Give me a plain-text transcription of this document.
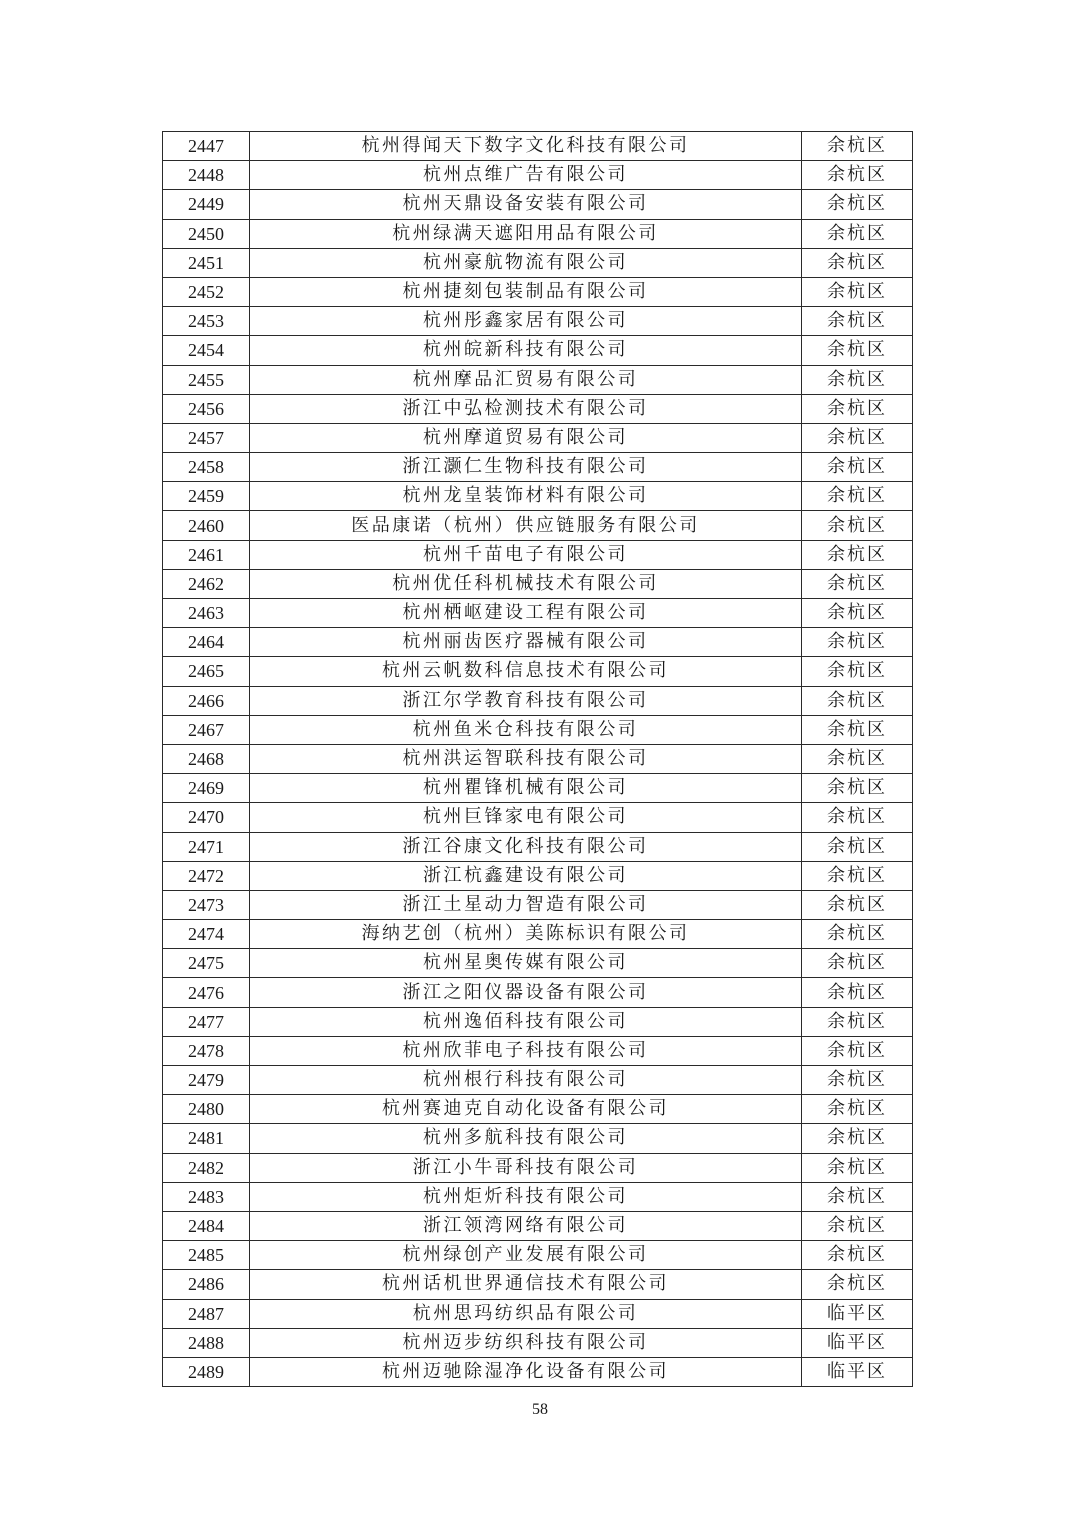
2447	杭州得闻天下数字文化科技有限公司	余杭区
2448	杭州点维广告有限公司	余杭区
2449	杭州天鼎设备安装有限公司	余杭区
2450	杭州绿满天遮阳用品有限公司	余杭区
2451	杭州豪航物流有限公司	余杭区
2452	杭州捷刻包装制品有限公司	余杭区
2453	杭州彤鑫家居有限公司	余杭区
2454	杭州皖新科技有限公司	余杭区
2455	杭州摩品汇贸易有限公司	余杭区
2456	浙江中弘检测技术有限公司	余杭区
2457	杭州摩道贸易有限公司	余杭区
2458	浙江灏仁生物科技有限公司	余杭区
2459	杭州龙皇装饰材料有限公司	余杭区
2460	医品康诺（杭州）供应链服务有限公司	余杭区
2461	杭州千苗电子有限公司	余杭区
2462	杭州优任科机械技术有限公司	余杭区
2463	杭州栖岖建设工程有限公司	余杭区
2464	杭州丽齿医疗器械有限公司	余杭区
2465	杭州云帆数科信息技术有限公司	余杭区
2466	浙江尔学教育科技有限公司	余杭区
2467	杭州鱼米仓科技有限公司	余杭区
2468	杭州洪运智联科技有限公司	余杭区
2469	杭州瞿锋机械有限公司	余杭区
2470	杭州巨锋家电有限公司	余杭区
2471	浙江谷康文化科技有限公司	余杭区
2472	浙江杭鑫建设有限公司	余杭区
2473	浙江土星动力智造有限公司	余杭区
2474	海纳艺创（杭州）美陈标识有限公司	余杭区
2475	杭州星奥传媒有限公司	余杭区
2476	浙江之阳仪器设备有限公司	余杭区
2477	杭州逸佰科技有限公司	余杭区
2478	杭州欣菲电子科技有限公司	余杭区
2479	杭州根行科技有限公司	余杭区
2480	杭州赛迪克自动化设备有限公司	余杭区
2481	杭州多航科技有限公司	余杭区
2482	浙江小牛哥科技有限公司	余杭区
2483	杭州炬炘科技有限公司	余杭区
2484	浙江领湾网络有限公司	余杭区
2485	杭州绿创产业发展有限公司	余杭区
2486	杭州话机世界通信技术有限公司	余杭区
2487	杭州思玛纺织品有限公司	临平区
2488	杭州迈步纺织科技有限公司	临平区
2489	杭州迈驰除湿净化设备有限公司	临平区
58
